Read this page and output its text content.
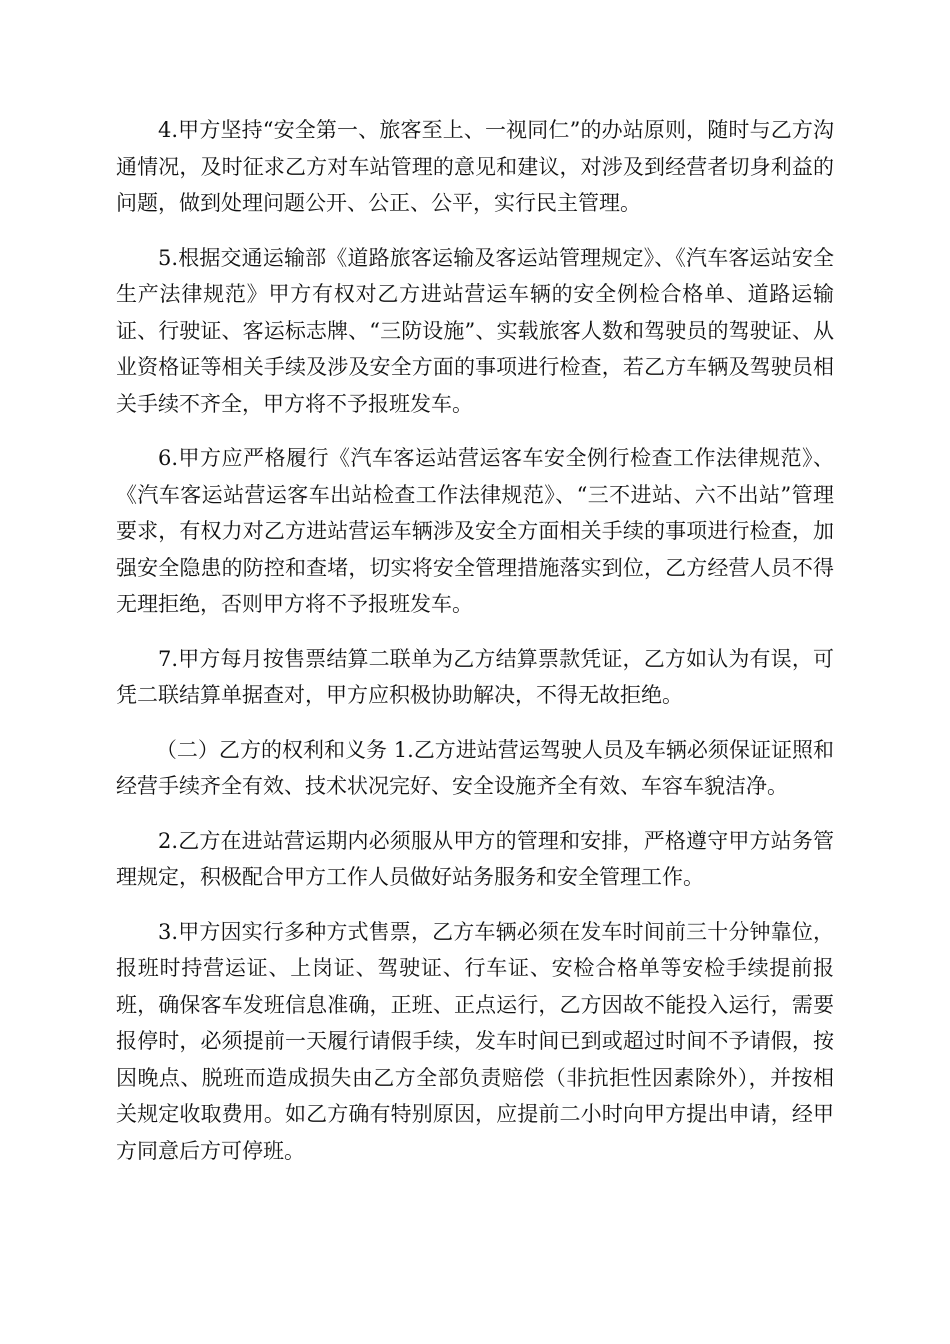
4.甲方坚持“安全第一、旅客至上、一视同仁”的办站原则，随时与乙方沟通情况，及时征求乙方对车站管理的意见和建议，对涉及到经营者切身利益的问题，做到处理问题公开、公正、公平，实行民主管理。

5.根据交通运输部《道路旅客运输及客运站管理规定》、《汽车客运站安全生产法律规范》甲方有权对乙方进站营运车辆的安全例检合格单、道路运输证、行驶证、客运标志牌、“三防设施”、实载旅客人数和驾驶员的驾驶证、从业资格证等相关手续及涉及安全方面的事项进行检查，若乙方车辆及驾驶员相关手续不齐全，甲方将不予报班发车。

6.甲方应严格履行《汽车客运站营运客车安全例行检查工作法律规范》、《汽车客运站营运客车出站检查工作法律规范》、“三不进站、六不出站”管理要求，有权力对乙方进站营运车辆涉及安全方面相关手续的事项进行检查，加强安全隐患的防控和查堵，切实将安全管理措施落实到位，乙方经营人员不得无理拒绝，否则甲方将不予报班发车。

7.甲方每月按售票结算二联单为乙方结算票款凭证，乙方如认为有误，可凭二联结算单据查对，甲方应积极协助解决，不得无故拒绝。

（二）乙方的权利和义务 1.乙方进站营运驾驶人员及车辆必须保证证照和经营手续齐全有效、技术状况完好、安全设施齐全有效、车容车貌洁净。

2.乙方在进站营运期内必须服从甲方的管理和安排，严格遵守甲方站务管理规定，积极配合甲方工作人员做好站务服务和安全管理工作。

3.甲方因实行多种方式售票，乙方车辆必须在发车时间前三十分钟靠位，报班时持营运证、上岗证、驾驶证、行车证、安检合格单等安检手续提前报班，确保客车发班信息准确，正班、正点运行，乙方因故不能投入运行，需要报停时，必须提前一天履行请假手续，发车时间已到或超过时间不予请假，按因晚点、脱班而造成损失由乙方全部负责赔偿（非抗拒性因素除外），并按相关规定收取费用。如乙方确有特别原因，应提前二小时向甲方提出申请，经甲方同意后方可停班。
